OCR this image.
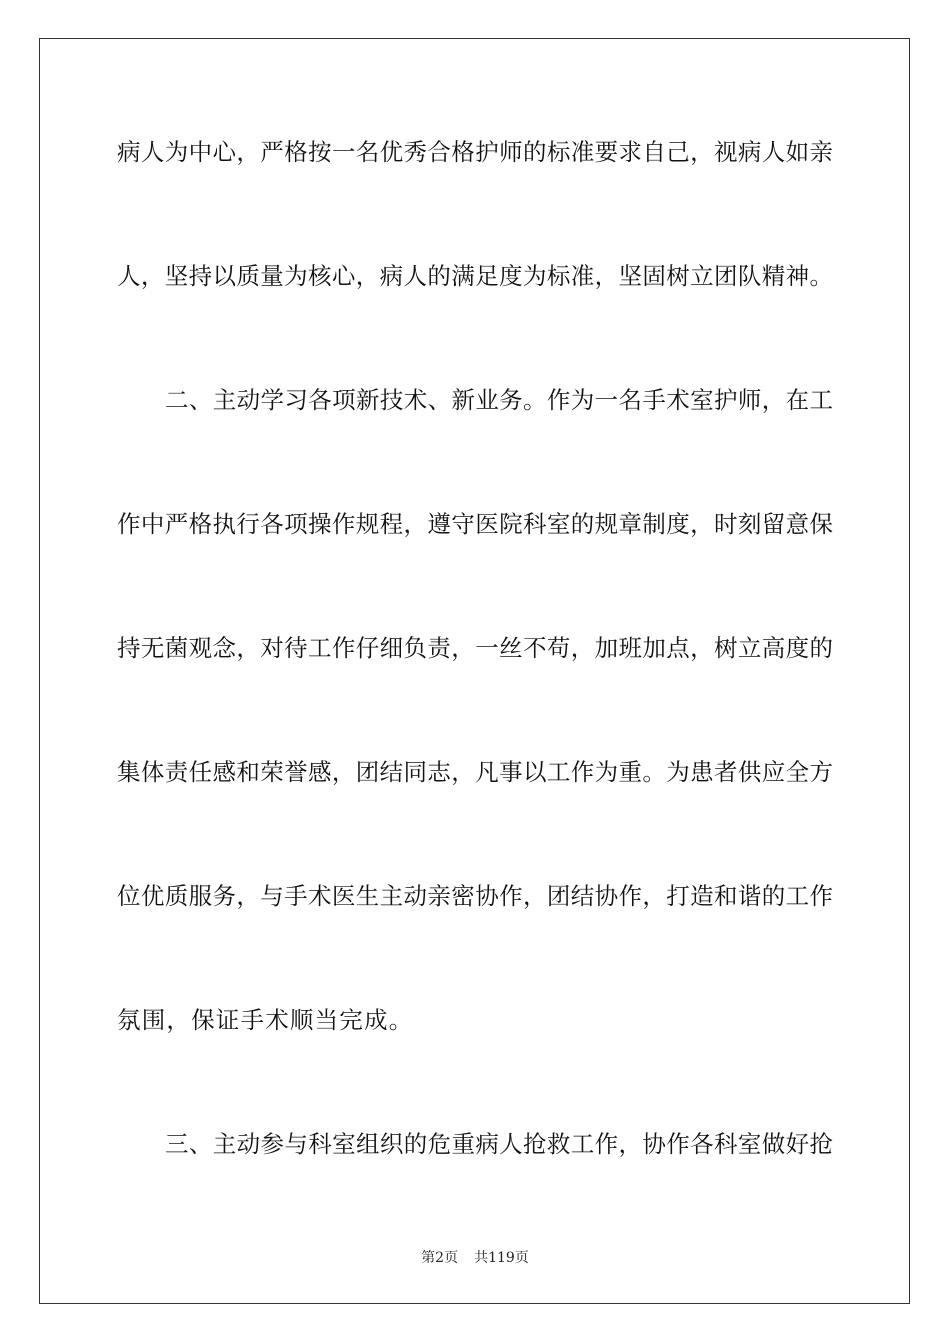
病人为中心，严格按一名优秀合格护师的标准要求自己，视病人如亲
人，坚持以质量为核心，病人的满足度为标准，坚固树立团队精神。
二、主动学习各项新技术、新业务。作为一名手术室护师，在工
作中严格执行各项操作规程，遵守医院科室的规章制度，时刻留意保
持无菌观念，对待工作仔细负责，一丝不苟，加班加点，树立高度的
集体责任感和荣誉感，团结同志，凡事以工作为重。为患者供应全方
位优质服务，与手术医生主动亲密协作，团结协作，打造和谐的工作
氛围，保证手术顺当完成。
三、主动参与科室组织的危重病人抢救工作，协作各科室做好抢
第2页 共119页
